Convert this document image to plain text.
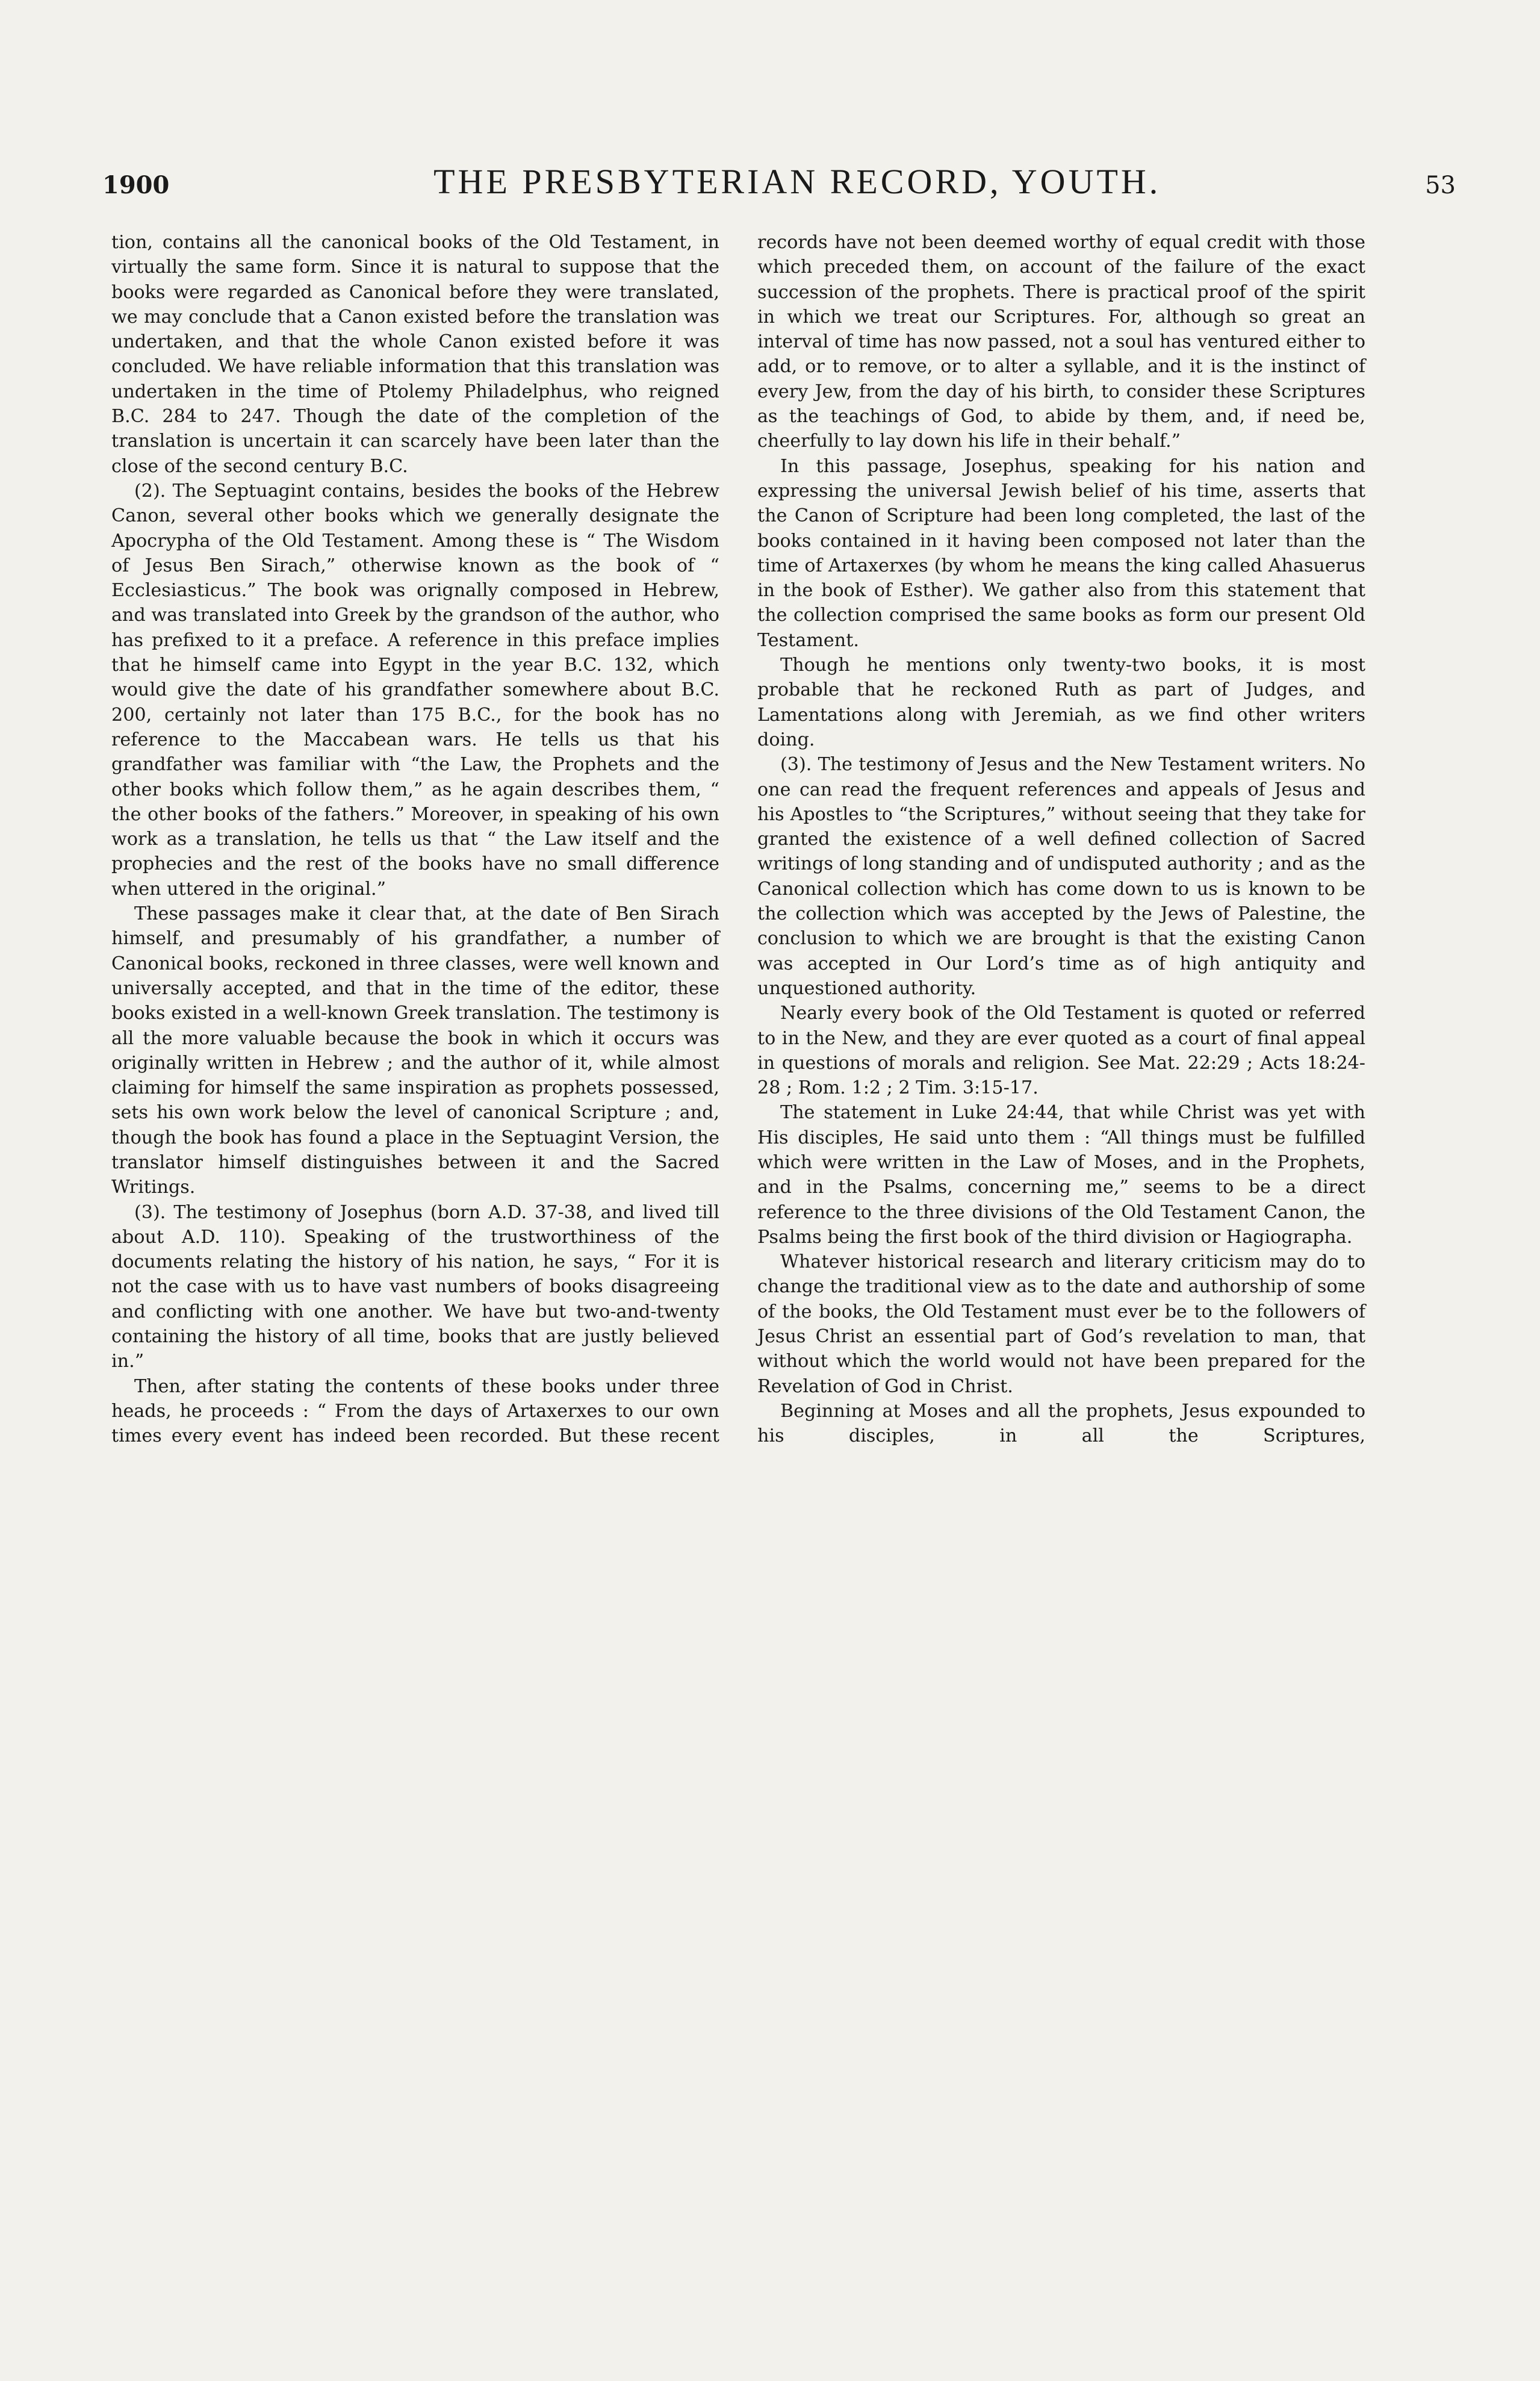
1900	THE PRESBYTERIAN RECORD, YOUTH.	53

tion, contains all the canonical books of the Old Testament, in virtually the same form. Since it is natural to suppose that the books were regarded as Canonical before they were translated, we may conclude that a Canon existed before the translation was undertaken, and that the whole Canon existed before it was concluded. We have reliable information that this translation was undertaken in the time of Ptolemy Philadelphus, who reigned B.C. 284 to 247. Though the date of the completion of the translation is uncertain it can scarcely have been later than the close of the second century B.C.

(2). The Septuagint contains, besides the books of the Hebrew Canon, several other books which we generally designate the Apocrypha of the Old Testament. Among these is “ The Wisdom of Jesus Ben Sirach,” otherwise known as the book of “ Ecclesiasticus.” The book was orignally composed in Hebrew, and was translated into Greek by the grandson of the author, who has prefixed to it a preface. A reference in this preface implies that he himself came into Egypt in the year B.C. 132, which would give the date of his grandfather somewhere about B.C. 200, certainly not later than 175 B.C., for the book has no reference to the Maccabean wars. He tells us that his grandfather was familiar with “the Law, the Prophets and the other books which follow them,” as he again describes them, “ the other books of the fathers.” Moreover, in speaking of his own work as a translation, he tells us that “ the Law itself and the prophecies and the rest of the books have no small difference when uttered in the original.”

These passages make it clear that, at the date of Ben Sirach himself, and presumably of his grandfather, a number of Canonical books, reckoned in three classes, were well known and universally accepted, and that in the time of the editor, these books existed in a well-known Greek translation. The testimony is all the more valuable because the book in which it occurs was originally written in Hebrew ; and the author of it, while almost claiming for himself the same inspiration as prophets possessed, sets his own work below the level of canonical Scripture ; and, though the book has found a place in the Septuagint Version, the translator himself distinguishes between it and the Sacred Writings.

(3). The testimony of Josephus (born A.D. 37-38, and lived till about A.D. 110). Speaking of the trustworthiness of the documents relating the history of his nation, he says, “ For it is not the case with us to have vast numbers of books disagreeing and conflicting with one another. We have but two-and-twenty containing the history of all time, books that are justly believed in.”

Then, after stating the contents of these books under three heads, he proceeds : “ From the days of Artaxerxes to our own times every event has indeed been recorded. But these recent

records have not been deemed worthy of equal credit with those which preceded them, on account of the failure of the exact succession of the prophets. There is practical proof of the spirit in which we treat our Scriptures. For, although so great an interval of time has now passed, not a soul has ventured either to add, or to remove, or to alter a syllable, and it is the instinct of every Jew, from the day of his birth, to consider these Scriptures as the teachings of God, to abide by them, and, if need be, cheerfully to lay down his life in their behalf.”

In this passage, Josephus, speaking for his nation and expressing the universal Jewish belief of his time, asserts that the Canon of Scripture had been long completed, the last of the books contained in it having been composed not later than the time of Artaxerxes (by whom he means the king called Ahasuerus in the book of Esther). We gather also from this statement that the collection comprised the same books as form our present Old Testament.

Though he mentions only twenty-two books, it is most probable that he reckoned Ruth as part of Judges, and Lamentations along with Jeremiah, as we find other writers doing.

(3). The testimony of Jesus and the New Testament writers. No one can read the frequent references and appeals of Jesus and his Apostles to “the Scriptures,” without seeing that they take for granted the existence of a well defined collection of Sacred writings of long standing and of undisputed authority ; and as the Canonical collection which has come down to us is known to be the collection which was accepted by the Jews of Palestine, the conclusion to which we are brought is that the existing Canon was accepted in Our Lord’s time as of high antiquity and unquestioned authority.

Nearly every book of the Old Testament is quoted or referred to in the New, and they are ever quoted as a court of final appeal in questions of morals and religion. See Mat. 22:29 ; Acts 18:24-28 ; Rom. 1:2 ; 2 Tim. 3:15-17.

The statement in Luke 24:44, that while Christ was yet with His disciples, He said unto them : “All things must be fulfilled which were written in the Law of Moses, and in the Prophets, and in the Psalms, concerning me,” seems to be a direct reference to the three divisions of the Old Testament Canon, the Psalms being the first book of the third division or Hagiographa.

Whatever historical research and literary criticism may do to change the traditional view as to the date and authorship of some of the books, the Old Testament must ever be to the followers of Jesus Christ an essential part of God’s revelation to man, that without which the world would not have been prepared for the Revelation of God in Christ.

Beginning at Moses and all the prophets, Jesus expounded to his disciples, in all the Scriptures,
